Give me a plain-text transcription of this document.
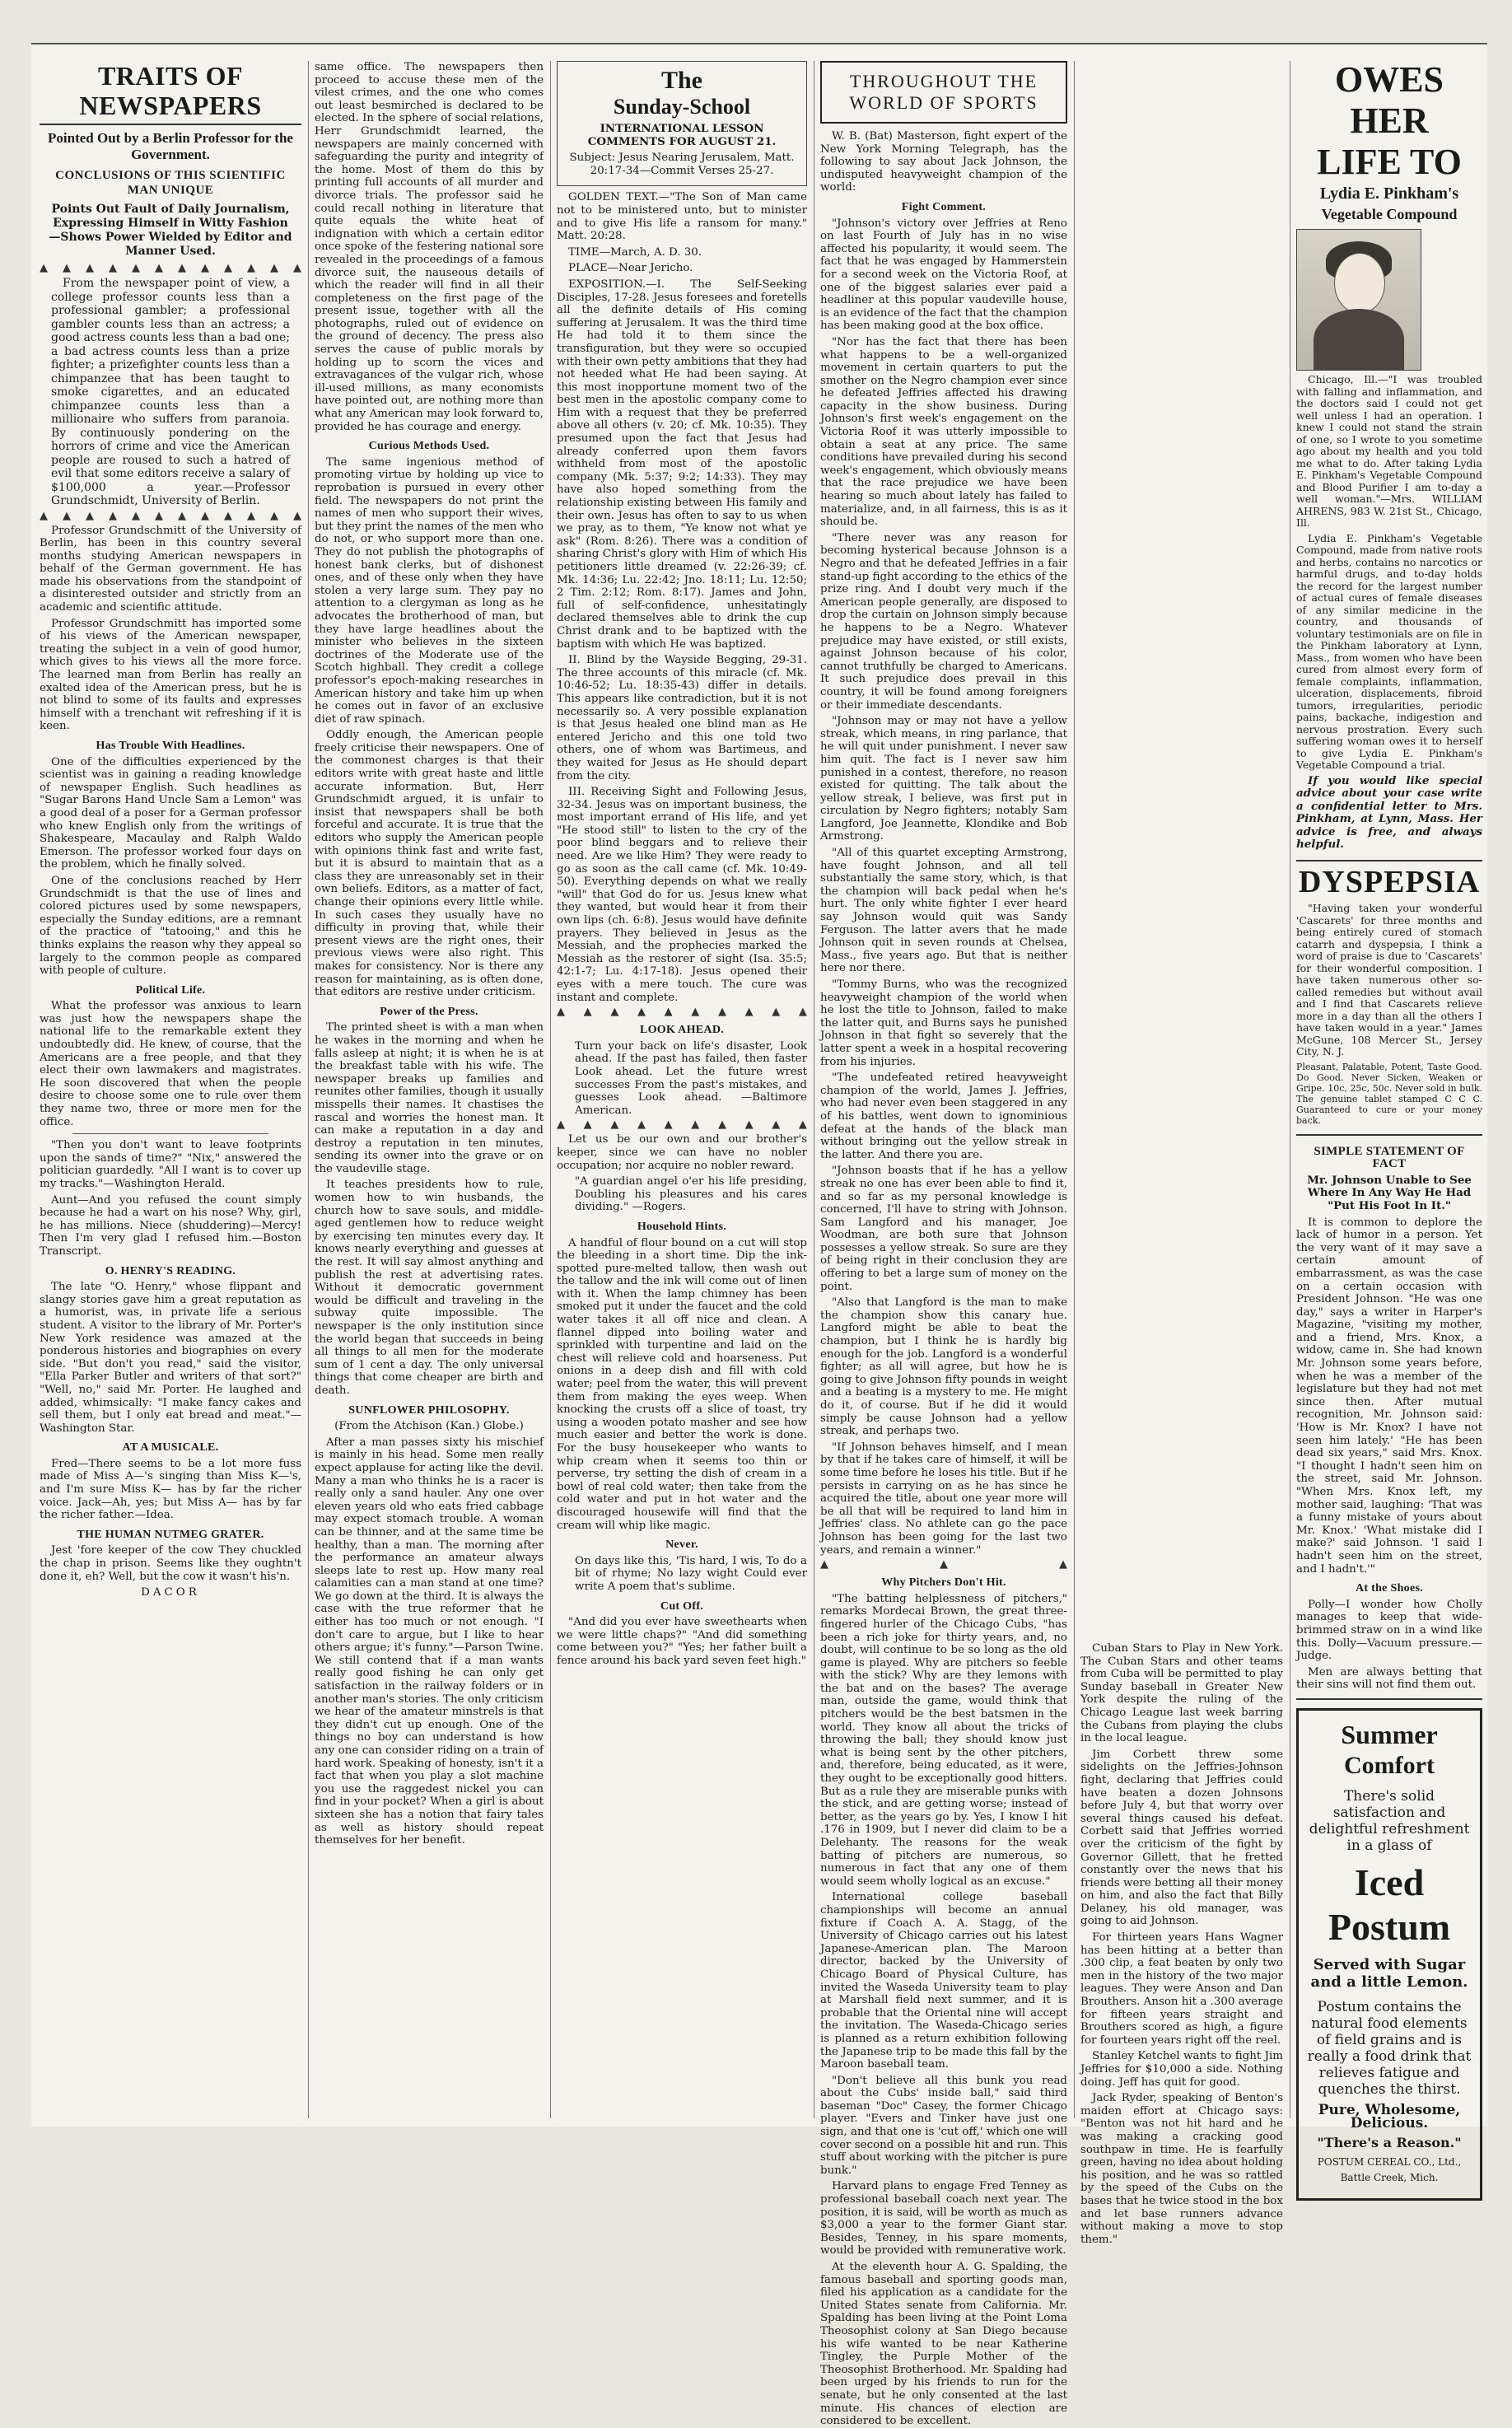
TRAITS OF NEWSPAPERS

Pointed Out by a Berlin Professor for the Government.

CONCLUSIONS OF THIS SCIENTIFIC MAN UNIQUE

Points Out Fault of Daily Journalism, Expressing Himself in Witty Fashion—Shows Power Wielded by Editor and Manner Used.

▲ ▲ ▲ ▲ ▲ ▲ ▲ ▲ ▲ ▲ ▲ ▲

From the newspaper point of view, a college professor counts less than a professional gambler; a professional gambler counts less than an actress; a good actress counts less than a bad one; a bad actress counts less than a prize fighter; a prizefighter counts less than a chimpanzee that has been taught to smoke cigarettes, and an educated chimpanzee counts less than a millionaire who suffers from paranoia. By continuously pondering on the horrors of crime and vice the American people are roused to such a hatred of evil that some editors receive a salary of $100,000 a year.—Professor Grundschmidt, University of Berlin.

▲ ▲ ▲ ▲ ▲ ▲ ▲ ▲ ▲ ▲ ▲ ▲

Professor Grundschmitt of the University of Berlin, has been in this country several months studying American newspapers in behalf of the German government. He has made his observations from the standpoint of a disinterested outsider and strictly from an academic and scientific attitude.

Professor Grundschmitt has imported some of his views of the American newspaper, treating the subject in a vein of good humor, which gives to his views all the more force. The learned man from Berlin has really an exalted idea of the American press, but he is not blind to some of its faults and expresses himself with a trenchant wit refreshing if it is keen.

Has Trouble With Headlines.

One of the difficulties experienced by the scientist was in gaining a reading knowledge of newspaper English. Such headlines as "Sugar Barons Hand Uncle Sam a Lemon" was a good deal of a poser for a German professor who knew English only from the writings of Shakespeare, Macaulay and Ralph Waldo Emerson. The professor worked four days on the problem, which he finally solved.

One of the conclusions reached by Herr Grundschmidt is that the use of lines and colored pictures used by some newspapers, especially the Sunday editions, are a remnant of the practice of "tatooing," and this he thinks explains the reason why they appeal so largely to the common people as compared with people of culture.

Political Life.

What the professor was anxious to learn was just how the newspapers shape the national life to the remarkable extent they undoubtedly did. He knew, of course, that the Americans are a free people, and that they elect their own lawmakers and magistrates. He soon discovered that when the people desire to choose some one to rule over them they name two, three or more men for the office.

"Then you don't want to leave footprints upon the sands of time?" "Nix," answered the politician guardedly. "All I want is to cover up my tracks."—Washington Herald.

Aunt—And you refused the count simply because he had a wart on his nose? Why, girl, he has millions. Niece (shuddering)—Mercy! Then I'm very glad I refused him.—Boston Transcript.

O. HENRY'S READING.

The late "O. Henry," whose flippant and slangy stories gave him a great reputation as a humorist, was, in private life a serious student. A visitor to the library of Mr. Porter's New York residence was amazed at the ponderous histories and biographies on every side. "But don't you read," said the visitor, "Ella Parker Butler and writers of that sort?" "Well, no," said Mr. Porter. He laughed and added, whimsically: "I make fancy cakes and sell them, but I only eat bread and meat."—Washington Star.

AT A MUSICALE.

Fred—There seems to be a lot more fuss made of Miss A—'s singing than Miss K—'s, and I'm sure Miss K— has by far the richer voice. Jack—Ah, yes; but Miss A— has by far the richer father.—Idea.

THE HUMAN NUTMEG GRATER.

Jest 'fore keeper of the cow They chuckled the chap in prison. Seems like they oughtn't done it, eh? Well, but the cow it wasn't his'n.

DACOR

same office. The newspapers then proceed to accuse these men of the vilest crimes, and the one who comes out least besmirched is declared to be elected. In the sphere of social relations, Herr Grundschmidt learned, the newspapers are mainly concerned with safeguarding the purity and integrity of the home. Most of them do this by printing full accounts of all murder and divorce trials. The professor said he could recall nothing in literature that quite equals the white heat of indignation with which a certain editor once spoke of the festering national sore revealed in the proceedings of a famous divorce suit, the nauseous details of which the reader will find in all their completeness on the first page of the present issue, together with all the photographs, ruled out of evidence on the ground of decency. The press also serves the cause of public morals by holding up to scorn the vices and extravagances of the vulgar rich, whose ill-used millions, as many economists have pointed out, are nothing more than what any American may look forward to, provided he has courage and energy.

Curious Methods Used.

The same ingenious method of promoting virtue by holding up vice to reprobation is pursued in every other field. The newspapers do not print the names of men who support their wives, but they print the names of the men who do not, or who support more than one. They do not publish the photographs of honest bank clerks, but of dishonest ones, and of these only when they have stolen a very large sum. They pay no attention to a clergyman as long as he advocates the brotherhood of man, but they have large headlines about the minister who believes in the sixteen doctrines of the Moderate use of the Scotch highball. They credit a college professor's epoch-making researches in American history and take him up when he comes out in favor of an exclusive diet of raw spinach.

Oddly enough, the American people freely criticise their newspapers. One of the commonest charges is that their editors write with great haste and little accurate information. But, Herr Grundschmidt argued, it is unfair to insist that newspapers shall be both forceful and accurate. It is true that the editors who supply the American people with opinions think fast and write fast, but it is absurd to maintain that as a class they are unreasonably set in their own beliefs. Editors, as a matter of fact, change their opinions every little while. In such cases they usually have no difficulty in proving that, while their present views are the right ones, their previous views were also right. This makes for consistency. Nor is there any reason for maintaining, as is often done, that editors are restive under criticism.

Power of the Press.

The printed sheet is with a man when he wakes in the morning and when he falls asleep at night; it is when he is at the breakfast table with his wife. The newspaper breaks up families and reunites other families, though it usually misspells their names. It chastises the rascal and worries the honest man. It can make a reputation in a day and destroy a reputation in ten minutes, sending its owner into the grave or on the vaudeville stage.

It teaches presidents how to rule, women how to win husbands, the church how to save souls, and middle-aged gentlemen how to reduce weight by exercising ten minutes every day. It knows nearly everything and guesses at the rest. It will say almost anything and publish the rest at advertising rates. Without it democratic government would be difficult and traveling in the subway quite impossible. The newspaper is the only institution since the world began that succeeds in being all things to all men for the moderate sum of 1 cent a day. The only universal things that come cheaper are birth and death.

SUNFLOWER PHILOSOPHY.

(From the Atchison (Kan.) Globe.)

After a man passes sixty his mischief is mainly in his head. Some men really expect applause for acting like the devil. Many a man who thinks he is a racer is really only a sand hauler. Any one over eleven years old who eats fried cabbage may expect stomach trouble. A woman can be thinner, and at the same time be healthy, than a man. The morning after the performance an amateur always sleeps late to rest up. How many real calamities can a man stand at one time? We go down at the third. It is always the case with the true reformer that he either has too much or not enough. "I don't care to argue, but I like to hear others argue; it's funny."—Parson Twine. We still contend that if a man wants really good fishing he can only get satisfaction in the railway folders or in another man's stories. The only criticism we hear of the amateur minstrels is that they didn't cut up enough. One of the things no boy can understand is how any one can consider riding on a train of hard work. Speaking of honesty, isn't it a fact that when you play a slot machine you use the raggedest nickel you can find in your pocket? When a girl is about sixteen she has a notion that fairy tales as well as history should repeat themselves for her benefit.

The
Sunday-School

INTERNATIONAL LESSON COMMENTS FOR AUGUST 21.

Subject: Jesus Nearing Jerusalem, Matt. 20:17-34—Commit Verses 25-27.

GOLDEN TEXT.—"The Son of Man came not to be ministered unto, but to minister and to give His life a ransom for many." Matt. 20:28.

TIME—March, A. D. 30.

PLACE—Near Jericho.

EXPOSITION.—I. The Self-Seeking Disciples, 17-28. Jesus foresees and foretells all the definite details of His coming suffering at Jerusalem. It was the third time He had told it to them since the transfiguration, but they were so occupied with their own petty ambitions that they had not heeded what He had been saying. At this most inopportune moment two of the best men in the apostolic company come to Him with a request that they be preferred above all others (v. 20; cf. Mk. 10:35). They presumed upon the fact that Jesus had already conferred upon them favors withheld from most of the apostolic company (Mk. 5:37; 9:2; 14:33). They may have also hoped something from the relationship existing between His family and their own. Jesus has often to say to us when we pray, as to them, "Ye know not what ye ask" (Rom. 8:26). There was a condition of sharing Christ's glory with Him of which His petitioners little dreamed (v. 22:26-39; cf. Mk. 14:36; Lu. 22:42; Jno. 18:11; Lu. 12:50; 2 Tim. 2:12; Rom. 8:17). James and John, full of self-confidence, unhesitatingly declared themselves able to drink the cup Christ drank and to be baptized with the baptism with which He was baptized.

II. Blind by the Wayside Begging, 29-31. The three accounts of this miracle (cf. Mk. 10:46-52; Lu. 18:35-43) differ in details. This appears like contradiction, but it is not necessarily so. A very possible explanation is that Jesus healed one blind man as He entered Jericho and this one told two others, one of whom was Bartimeus, and they waited for Jesus as He should depart from the city.

III. Receiving Sight and Following Jesus, 32-34. Jesus was on important business, the most important errand of His life, and yet "He stood still" to listen to the cry of the poor blind beggars and to relieve their need. Are we like Him? They were ready to go as soon as the call came (cf. Mk. 10:49-50). Everything depends on what we really "will" that God do for us. Jesus knew what they wanted, but would hear it from their own lips (ch. 6:8). Jesus would have definite prayers. They believed in Jesus as the Messiah, and the prophecies marked the Messiah as the restorer of sight (Isa. 35:5; 42:1-7; Lu. 4:17-18). Jesus opened their eyes with a mere touch. The cure was instant and complete.

▲ ▲ ▲ ▲ ▲ ▲ ▲ ▲ ▲ ▲
LOOK AHEAD.

Turn your back on life's disaster, Look ahead. If the past has failed, then faster Look ahead. Let the future wrest successes From the past's mistakes, and guesses Look ahead. —Baltimore American.

▲ ▲ ▲ ▲ ▲ ▲ ▲ ▲ ▲ ▲

Let us be our own and our brother's keeper, since we can have no nobler occupation; nor acquire no nobler reward.

"A guardian angel o'er his life presiding, Doubling his pleasures and his cares dividing." —Rogers.

Household Hints.

A handful of flour bound on a cut will stop the bleeding in a short time. Dip the ink-spotted pure-melted tallow, then wash out the tallow and the ink will come out of linen with it. When the lamp chimney has been smoked put it under the faucet and the cold water takes it all off nice and clean. A flannel dipped into boiling water and sprinkled with turpentine and laid on the chest will relieve cold and hoarseness. Put onions in a deep dish and fill with cold water; peel from the water, this will prevent them from making the eyes weep. When knocking the crusts off a slice of toast, try using a wooden potato masher and see how much easier and better the work is done. For the busy housekeeper who wants to whip cream when it seems too thin or perverse, try setting the dish of cream in a bowl of real cold water; then take from the cold water and put in hot water and the discouraged housewife will find that the cream will whip like magic.

Never.

On days like this, 'Tis hard, I wis, To do a bit of rhyme; No lazy wight Could ever write A poem that's sublime.

Cut Off.

"And did you ever have sweethearts when we were little chaps?" "And did something come between you?" "Yes; her father built a fence around his back yard seven feet high."

THROUGHOUT THE
WORLD OF SPORTS

W. B. (Bat) Masterson, fight expert of the New York Morning Telegraph, has the following to say about Jack Johnson, the undisputed heavyweight champion of the world:

Fight Comment.

"Johnson's victory over Jeffries at Reno on last Fourth of July has in no wise affected his popularity, it would seem. The fact that he was engaged by Hammerstein for a second week on the Victoria Roof, at one of the biggest salaries ever paid a headliner at this popular vaudeville house, is an evidence of the fact that the champion has been making good at the box office.

"Nor has the fact that there has been what happens to be a well-organized movement in certain quarters to put the smother on the Negro champion ever since he defeated Jeffries affected his drawing capacity in the show business. During Johnson's first week's engagement on the Victoria Roof it was utterly impossible to obtain a seat at any price. The same conditions have prevailed during his second week's engagement, which obviously means that the race prejudice we have been hearing so much about lately has failed to materialize, and, in all fairness, this is as it should be.

"There never was any reason for becoming hysterical because Johnson is a Negro and that he defeated Jeffries in a fair stand-up fight according to the ethics of the prize ring. And I doubt very much if the American people generally, are disposed to drop the curtain on Johnson simply because he happens to be a Negro. Whatever prejudice may have existed, or still exists, against Johnson because of his color, cannot truthfully be charged to Americans. It such prejudice does prevail in this country, it will be found among foreigners or their immediate descendants.

"Johnson may or may not have a yellow streak, which means, in ring parlance, that he will quit under punishment. I never saw him quit. The fact is I never saw him punished in a contest, therefore, no reason existed for quitting. The talk about the yellow streak, I believe, was first put in circulation by Negro fighters; notably Sam Langford, Joe Jeannette, Klondike and Bob Armstrong.

"All of this quartet excepting Armstrong, have fought Johnson, and all tell substantially the same story, which, is that the champion will back pedal when he's hurt. The only white fighter I ever heard say Johnson would quit was Sandy Ferguson. The latter avers that he made Johnson quit in seven rounds at Chelsea, Mass., five years ago. But that is neither here nor there.

"Tommy Burns, who was the recognized heavyweight champion of the world when he lost the title to Johnson, failed to make the latter quit, and Burns says he punished Johnson in that fight so severely that the latter spent a week in a hospital recovering from his injuries.

"The undefeated retired heavyweight champion of the world, James J. Jeffries, who had never even been staggered in any of his battles, went down to ignominious defeat at the hands of the black man without bringing out the yellow streak in the latter. And there you are.

"Johnson boasts that if he has a yellow streak no one has ever been able to find it, and so far as my personal knowledge is concerned, I'll have to string with Johnson. Sam Langford and his manager, Joe Woodman, are both sure that Johnson possesses a yellow streak. So sure are they of being right in their conclusion they are offering to bet a large sum of money on the point.

"Also that Langford is the man to make the champion show this canary hue. Langford might be able to beat the champion, but I think he is hardly big enough for the job. Langford is a wonderful fighter; as all will agree, but how he is going to give Johnson fifty pounds in weight and a beating is a mystery to me. He might do it, of course. But if he did it would simply be cause Johnson had a yellow streak, and perhaps two.

"If Johnson behaves himself, and I mean by that if he takes care of himself, it will be some time before he loses his title. But if he persists in carrying on as he has since he acquired the title, about one year more will be all that will be required to land him in Jeffries' class. No athlete can go the pace Johnson has been going for the last two years, and remain a winner."

▲	▲	▲
Why Pitchers Don't Hit.

"The batting helplessness of pitchers," remarks Mordecai Brown, the great three-fingered hurler of the Chicago Cubs, "has been a rich joke for thirty years, and, no doubt, will continue to be so long as the old game is played. Why are pitchers so feeble with the stick? Why are they lemons with the bat and on the bases? The average man, outside the game, would think that pitchers would be the best batsmen in the world. They know all about the tricks of throwing the ball; they should know just what is being sent by the other pitchers, and, therefore, being educated, as it were, they ought to be exceptionally good hitters. But as a rule they are miserable punks with the stick, and are getting worse; instead of better, as the years go by. Yes, I know I hit .176 in 1909, but I never did claim to be a Delehanty. The reasons for the weak batting of pitchers are numerous, so numerous in fact that any one of them would seem wholly logical as an excuse."

International college baseball championships will become an annual fixture if Coach A. A. Stagg, of the University of Chicago carries out his latest Japanese-American plan. The Maroon director, backed by the University of Chicago Board of Physical Culture, has invited the Waseda University team to play at Marshall field next summer, and it is probable that the Oriental nine will accept the invitation. The Waseda-Chicago series is planned as a return exhibition following the Japanese trip to be made this fall by the Maroon baseball team.

"Don't believe all this bunk you read about the Cubs' inside ball," said third baseman "Doc" Casey, the former Chicago player. "Evers and Tinker have just one sign, and that one is 'cut off,' which one will cover second on a possible hit and run. This stuff about working with the pitcher is pure bunk."

Harvard plans to engage Fred Tenney as professional baseball coach next year. The position, it is said, will be worth as much as $3,000 a year to the former Giant star. Besides, Tenney, in his spare moments, would be provided with remunerative work.

At the eleventh hour A. G. Spalding, the famous baseball and sporting goods man, filed his application as a candidate for the United States senate from California. Mr. Spalding has been living at the Point Loma Theosophist colony at San Diego because his wife wanted to be near Katherine Tingley, the Purple Mother of the Theosophist Brotherhood. Mr. Spalding had been urged by his friends to run for the senate, but he only consented at the last minute. His chances of election are considered to be excellent.

Cuban Stars to Play in New York. The Cuban Stars and other teams from Cuba will be permitted to play Sunday baseball in Greater New York despite the ruling of the Chicago League last week barring the Cubans from playing the clubs in the local league.

Jim Corbett threw some sidelights on the Jeffries-Johnson fight, declaring that Jeffries could have beaten a dozen Johnsons before July 4, but that worry over several things caused his defeat. Corbett said that Jeffries worried over the criticism of the fight by Governor Gillett, that he fretted constantly over the news that his friends were betting all their money on him, and also the fact that Billy Delaney, his old manager, was going to aid Johnson.

For thirteen years Hans Wagner has been hitting at a better than .300 clip, a feat beaten by only two men in the history of the two major leagues. They were Anson and Dan Brouthers. Anson hit a .300 average for fifteen years straight and Brouthers scored as high, a figure for fourteen years right off the reel.

Stanley Ketchel wants to fight Jim Jeffries for $10,000 a side. Nothing doing. Jeff has quit for good.

Jack Ryder, speaking of Benton's maiden effort at Chicago says: "Benton was not hit hard and he was making a cracking good southpaw in time. He is fearfully green, having no idea about holding his position, and he was so rattled by the speed of the Cubs on the bases that he twice stood in the box and let base runners advance without making a move to stop them."

OWES

HER

LIFE TO

Lydia E. Pinkham's

Vegetable Compound

Chicago, Ill.—"I was troubled with falling and inflammation, and the doctors said I could not get well unless I had an operation. I knew I could not stand the strain of one, so I wrote to you sometime ago about my health and you told me what to do. After taking Lydia E. Pinkham's Vegetable Compound and Blood Purifier I am to-day a well woman."—Mrs. WILLIAM AHRENS, 983 W. 21st St., Chicago, Ill.

Lydia E. Pinkham's Vegetable Compound, made from native roots and herbs, contains no narcotics or harmful drugs, and to-day holds the record for the largest number of actual cures of female diseases of any similar medicine in the country, and thousands of voluntary testimonials are on file in the Pinkham laboratory at Lynn, Mass., from women who have been cured from almost every form of female complaints, inflammation, ulceration, displacements, fibroid tumors, irregularities, periodic pains, backache, indigestion and nervous prostration. Every such suffering woman owes it to herself to give Lydia E. Pinkham's Vegetable Compound a trial.

If you would like special advice about your case write a confidential letter to Mrs. Pinkham, at Lynn, Mass. Her advice is free, and always helpful.

DYSPEPSIA

"Having taken your wonderful 'Cascarets' for three months and being entirely cured of stomach catarrh and dyspepsia, I think a word of praise is due to 'Cascarets' for their wonderful composition. I have taken numerous other so-called remedies but without avail and I find that Cascarets relieve more in a day than all the others I have taken would in a year." James McGune, 108 Mercer St., Jersey City, N. J.

Pleasant, Palatable, Potent, Taste Good. Do Good. Never Sicken, Weaken or Gripe. 10c, 25c, 50c. Never sold in bulk. The genuine tablet stamped C C C. Guaranteed to cure or your money back.

SIMPLE STATEMENT OF FACT

Mr. Johnson Unable to See Where In Any Way He Had "Put His Foot In It."

It is common to deplore the lack of humor in a person. Yet the very want of it may save a certain amount of embarrassment, as was the case on a certain occasion with President Johnson. "He was one day," says a writer in Harper's Magazine, "visiting my mother, and a friend, Mrs. Knox, a widow, came in. She had known Mr. Johnson some years before, when he was a member of the legislature but they had not met since then. After mutual recognition, Mr. Johnson said: 'How is Mr. Knox? I have not seen him lately.' "He has been dead six years," said Mrs. Knox. "I thought I hadn't seen him on the street, said Mr. Johnson. "When Mrs. Knox left, my mother said, laughing: 'That was a funny mistake of yours about Mr. Knox.' 'What mistake did I make?' said Johnson. 'I said I hadn't seen him on the street, and I hadn't.'"

At the Shoes.

Polly—I wonder how Cholly manages to keep that wide-brimmed straw on in a wind like this. Dolly—Vacuum pressure.—Judge.

Men are always betting that their sins will not find them out.

Summer

Comfort

There's solid satisfaction and delightful refreshment in a glass of

Iced

Postum

Served with Sugar and a little Lemon.

Postum contains the natural food elements of field grains and is really a food drink that relieves fatigue and quenches the thirst.

Pure, Wholesome, Delicious.

"There's a Reason."

POSTUM CEREAL CO., Ltd.,

Battle Creek, Mich.
